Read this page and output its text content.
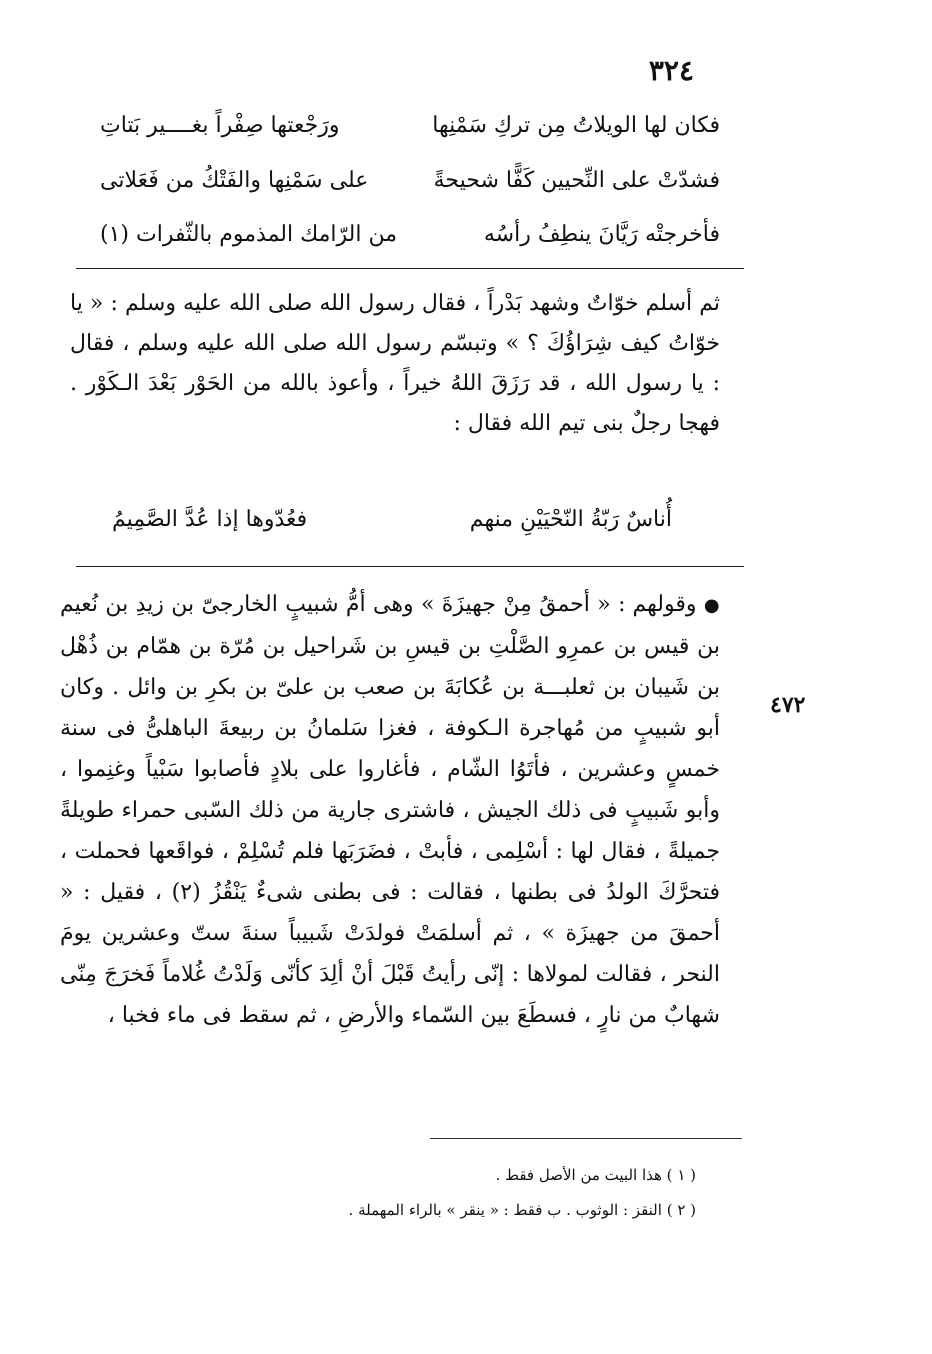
٣٢٤
فكان لها الويلاتُ مِن تركِ سَمْنِها
ورَجْعتها صِفْراً بغــــير بَتاتِ
فشدّتْ على النِّحيين كَفًّا شحيحةً
على سَمْنِها والفَتْكُ من فَعَلاتى
فأخرجتْه رَيَّانَ ينطِفُ رأسُه
من الرّامك المذموم بالثّفرات (١)

ثم أسلم خوّاتٌ وشهد بَدْراً ، فقال رسول الله صلى الله عليه وسلم : « يا خوّاتُ كيف شِرَاؤُكَ ؟ » وتبسّم رسول الله صلى الله عليه وسلم ، فقال : يا رسول الله ، قد رَزَقَ اللهُ خيراً ، وأعوذ بالله من الحَوْر بَعْدَ الـكَوْر . فهجا رجلٌ بنى تيم الله فقال :

أُناسٌ رَبّةُ النّحْيَيْنِ منهم
فعُدّوها إذا عُدَّ الصَّمِيمُ
٤٧٢

● وقولهم : « أحمقُ مِنْ جهيزَةَ » وهى أمُّ شبيبٍ الخارجىّ بن زيدِ بن نُعيم بن قيس بن عمرِو الصَّلْتِ بن قيسِ بن شَراحيل بن مُرّة بن همّام بن ذُهْل بن شَيبان بن ثعلبـــة بن عُكابَةَ بن صعب بن علىّ بن بكرِ بن وائل . وكان أبو شبيبٍ من مُهاجرة الـكوفة ، فغزا سَلمانُ بن ربيعةَ الباهلىُّ فى سنة خمسٍ وعشرين ، فأتَوُا الشّام ، فأغاروا على بلادٍ فأصابوا سَبْياً وغنِموا ، وأبو شَبيبٍ فى ذلك الجيش ، فاشترى جارية من ذلك السّبى حمراء طويلةً جميلةً ، فقال لها : أسْلِمى ، فأبتْ ، فضَرَبَها فلم تُسْلِمْ ، فواقَعها فحملت ، فتحرَّكَ الولدُ فى بطنها ، فقالت : فى بطنى شىءٌ يَنْقُزُ (٢) ، فقيل : « أحمقَ من جهيزَة » ، ثم أسلمَتْ فولدَتْ شَبيباً سنةَ ستّ وعشرين يومَ النحر ، فقالت لمولاها : إنّى رأيتُ قَبْلَ أنْ ألِدَ كأنّى وَلَدْتُ غُلاماً فَخرَجَ مِنّى شهابٌ من نارٍ ، فسطَعَ بين السّماء والأرضِ ، ثم سقط فى ماء فخبا ،

( ١ ) هذا البيت من الأصل فقط .
( ٢ ) النقز : الوثوب . ب فقط : « ينقر » بالراء المهملة .
